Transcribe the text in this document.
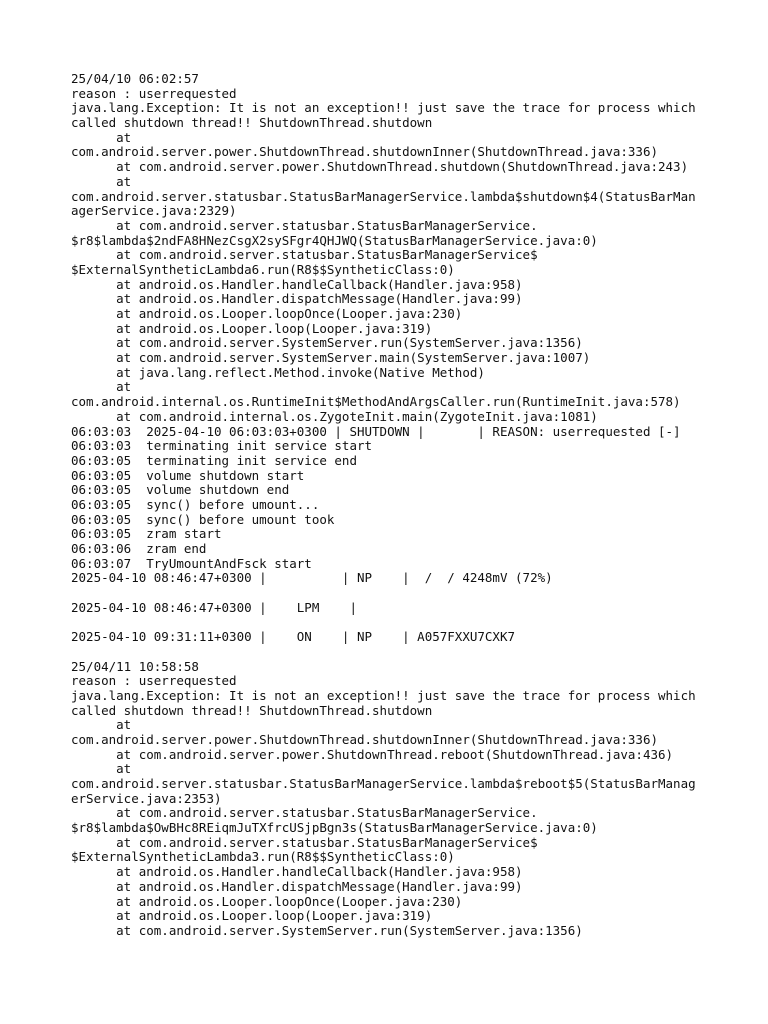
25/04/10 06:02:57
reason : userrequested
java.lang.Exception: It is not an exception!! just save the trace for process which
called shutdown thread!! ShutdownThread.shutdown
at
com.android.server.power.ShutdownThread.shutdownInner(ShutdownThread.java:336)
at com.android.server.power.ShutdownThread.shutdown(ShutdownThread.java:243)
at
com.android.server.statusbar.StatusBarManagerService.lambda$shutdown$4(StatusBarMan
agerService.java:2329)
at com.android.server.statusbar.StatusBarManagerService.
$r8$lambda$2ndFA8HNezCsgX2sySFgr4QHJWQ(StatusBarManagerService.java:0)
at com.android.server.statusbar.StatusBarManagerService$
$ExternalSyntheticLambda6.run(R8$$SyntheticClass:0)
at android.os.Handler.handleCallback(Handler.java:958)
at android.os.Handler.dispatchMessage(Handler.java:99)
at android.os.Looper.loopOnce(Looper.java:230)
at android.os.Looper.loop(Looper.java:319)
at com.android.server.SystemServer.run(SystemServer.java:1356)
at com.android.server.SystemServer.main(SystemServer.java:1007)
at java.lang.reflect.Method.invoke(Native Method)
at
com.android.internal.os.RuntimeInit$MethodAndArgsCaller.run(RuntimeInit.java:578)
at com.android.internal.os.ZygoteInit.main(ZygoteInit.java:1081)
06:03:03  2025-04-10 06:03:03+0300 | SHUTDOWN |       | REASON: userrequested [-]
06:03:03  terminating init service start
06:03:05  terminating init service end
06:03:05  volume shutdown start
06:03:05  volume shutdown end
06:03:05  sync() before umount...
06:03:05  sync() before umount took
06:03:05  zram start
06:03:06  zram end
06:03:07  TryUmountAndFsck start
2025-04-10 08:46:47+0300 |          | NP    |  /  / 4248mV (72%)
2025-04-10 08:46:47+0300 |    LPM    |
2025-04-10 09:31:11+0300 |    ON    | NP    | A057FXXU7CXK7
25/04/11 10:58:58
reason : userrequested
java.lang.Exception: It is not an exception!! just save the trace for process which
called shutdown thread!! ShutdownThread.shutdown
at
com.android.server.power.ShutdownThread.shutdownInner(ShutdownThread.java:336)
at com.android.server.power.ShutdownThread.reboot(ShutdownThread.java:436)
at
com.android.server.statusbar.StatusBarManagerService.lambda$reboot$5(StatusBarManag
erService.java:2353)
at com.android.server.statusbar.StatusBarManagerService.
$r8$lambda$OwBHc8REiqmJuTXfrcUSjpBgn3s(StatusBarManagerService.java:0)
at com.android.server.statusbar.StatusBarManagerService$
$ExternalSyntheticLambda3.run(R8$$SyntheticClass:0)
at android.os.Handler.handleCallback(Handler.java:958)
at android.os.Handler.dispatchMessage(Handler.java:99)
at android.os.Looper.loopOnce(Looper.java:230)
at android.os.Looper.loop(Looper.java:319)
at com.android.server.SystemServer.run(SystemServer.java:1356)
